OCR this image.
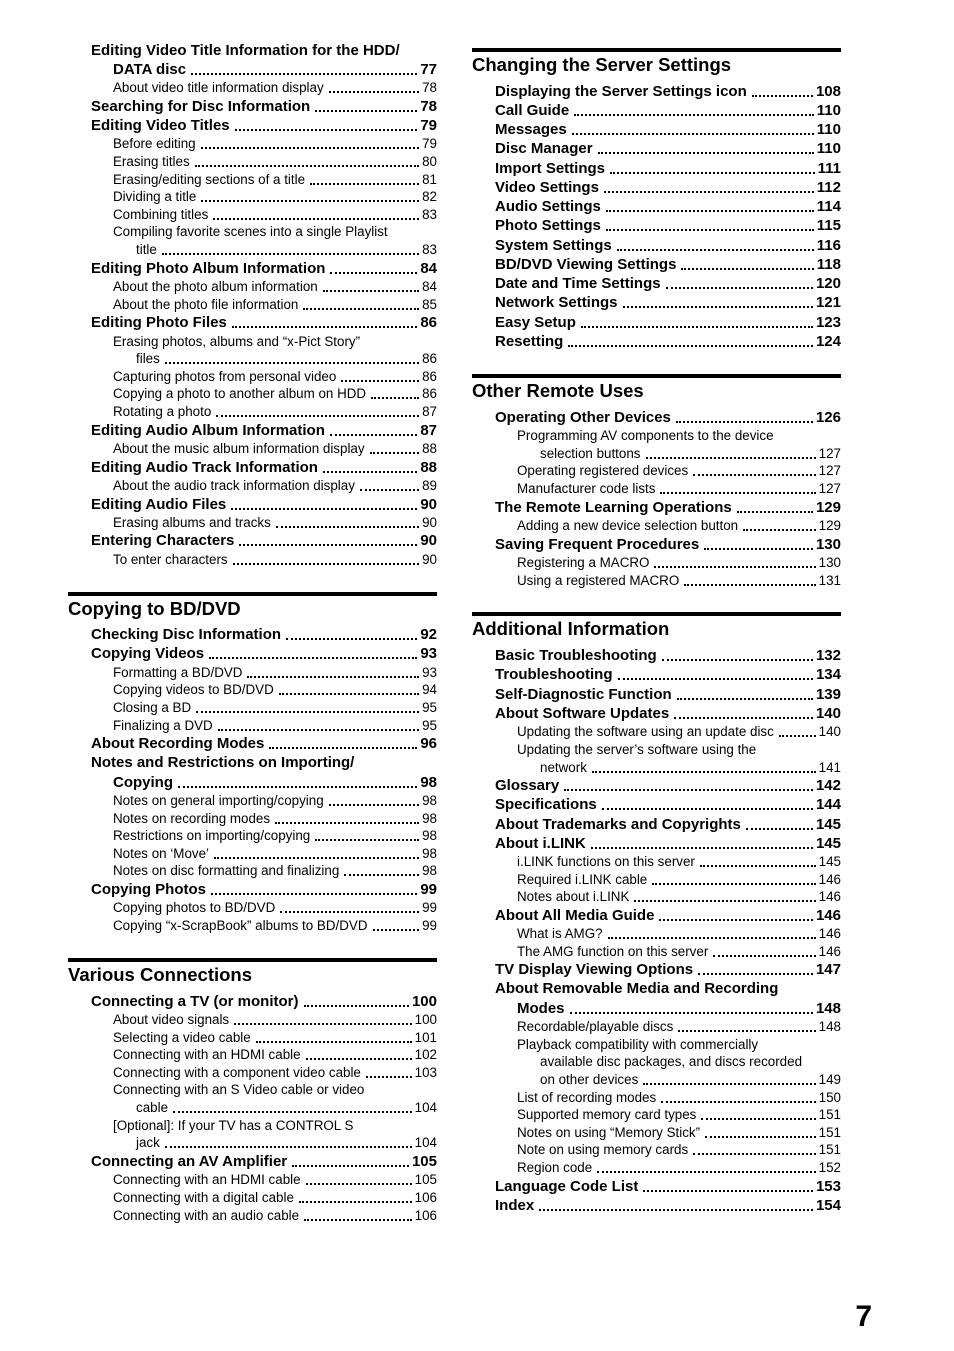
Editing Video Title Information for the HDD/
DATA disc	77
About video title information display	78
Searching for Disc Information	78
Editing Video Titles	79
Before editing	79
Erasing titles	80
Erasing/editing sections of a title	81
Dividing a title	82
Combining titles	83
Compiling favorite scenes into a single Playlist
title	83
Editing Photo Album Information	84
About the photo album information	84
About the photo file information	85
Editing Photo Files	86
Erasing photos, albums and “x-Pict Story”
files	86
Capturing photos from personal video	86
Copying a photo to another album on HDD	86
Rotating a photo	87
Editing Audio Album Information	87
About the music album information display	88
Editing Audio Track Information	88
About the audio track information display	89
Editing Audio Files	90
Erasing albums and tracks	90
Entering Characters	90
To enter characters	90
Copying to BD/DVD
Checking Disc Information	92
Copying Videos	93
Formatting a BD/DVD	93
Copying videos to BD/DVD	94
Closing a BD	95
Finalizing a DVD	95
About Recording Modes	96
Notes and Restrictions on Importing/
Copying	98
Notes on general importing/copying	98
Notes on recording modes	98
Restrictions on importing/copying	98
Notes on ‘Move’	98
Notes on disc formatting and finalizing	98
Copying Photos	99
Copying photos to BD/DVD	99
Copying “x-ScrapBook” albums to BD/DVD	99
Various Connections
Connecting a TV (or monitor)	100
About video signals	100
Selecting a video cable	101
Connecting with an HDMI cable	102
Connecting with a component video cable	103
Connecting with an S Video cable or video
cable	104
[Optional]: If your TV has a CONTROL S
jack	104
Connecting an AV Amplifier	105
Connecting with an HDMI cable	105
Connecting with a digital cable	106
Connecting with an audio cable	106
Changing the Server Settings
Displaying the Server Settings icon	108
Call Guide	110
Messages	110
Disc Manager	110
Import Settings	111
Video Settings	112
Audio Settings	114
Photo Settings	115
System Settings	116
BD/DVD Viewing Settings	118
Date and Time Settings	120
Network Settings	121
Easy Setup	123
Resetting	124
Other Remote Uses
Operating Other Devices	126
Programming AV components to the device
selection buttons	127
Operating registered devices	127
Manufacturer code lists	127
The Remote Learning Operations	129
Adding a new device selection button	129
Saving Frequent Procedures	130
Registering a MACRO	130
Using a registered MACRO	131
Additional Information
Basic Troubleshooting	132
Troubleshooting	134
Self-Diagnostic Function	139
About Software Updates	140
Updating the software using an update disc	140
Updating the server’s software using the
network	141
Glossary	142
Specifications	144
About Trademarks and Copyrights	145
About i.LINK	145
i.LINK functions on this server	145
Required i.LINK cable	146
Notes about i.LINK	146
About All Media Guide	146
What is AMG?	146
The AMG function on this server	146
TV Display Viewing Options	147
About Removable Media and Recording
Modes	148
Recordable/playable discs	148
Playback compatibility with commercially
available disc packages, and discs recorded
on other devices	149
List of recording modes	150
Supported memory card types	151
Notes on using “Memory Stick”	151
Note on using memory cards	151
Region code	152
Language Code List	153
Index	154
7
